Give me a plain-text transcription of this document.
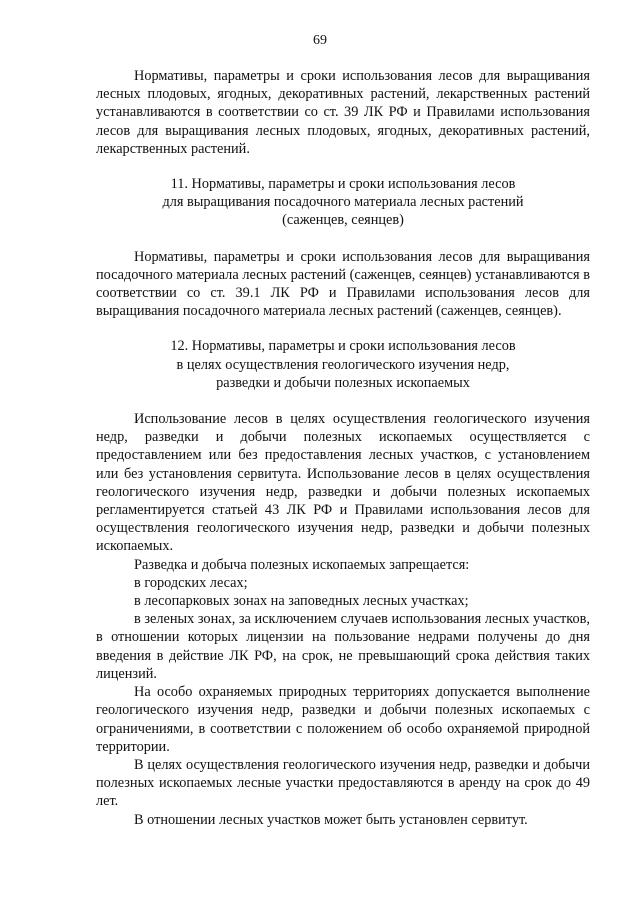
69

Нормативы, параметры и сроки использования лесов для выращивания лесных плодовых, ягодных, декоративных растений, лекарственных растений устанавливаются в соответствии со ст. 39 ЛК РФ и Правилами использования лесов для выращивания лесных плодовых, ягодных, декоративных растений, лекарственных растений.

11. Нормативы, параметры и сроки использования лесов
для выращивания посадочного материала лесных растений
(саженцев, сеянцев)

Нормативы, параметры и сроки использования лесов для выращивания посадочного материала лесных растений (саженцев, сеянцев) устанавливаются в соответствии со ст. 39.1 ЛК РФ и Правилами использования лесов для выращивания посадочного материала лесных растений (саженцев, сеянцев).

12. Нормативы, параметры и сроки использования лесов
в целях осуществления геологического изучения недр,
разведки и добычи полезных ископаемых

Использование лесов в целях осуществления геологического изучения недр, разведки и добычи полезных ископаемых осуществляется с предоставлением или без предоставления лесных участков, с установлением или без установления сервитута. Использование лесов в целях осуществления геологического изучения недр, разведки и добычи полезных ископаемых регламентируется статьей 43 ЛК РФ и Правилами использования лесов для осуществления геологического изучения недр, разведки и добычи полезных ископаемых.

Разведка и добыча полезных ископаемых запрещается:

в городских лесах;

в лесопарковых зонах на заповедных лесных участках;

в зеленых зонах, за исключением случаев использования лесных участков, в отношении которых лицензии на пользование недрами получены до дня введения в действие ЛК РФ, на срок, не превышающий срока действия таких лицензий.

На особо охраняемых природных территориях допускается выполнение геологического изучения недр, разведки и добычи полезных ископаемых с ограничениями, в соответствии с положением об особо охраняемой природной территории.

В целях осуществления геологического изучения недр, разведки и добычи полезных ископаемых лесные участки предоставляются в аренду на срок до 49 лет.

В отношении лесных участков может быть установлен сервитут.
